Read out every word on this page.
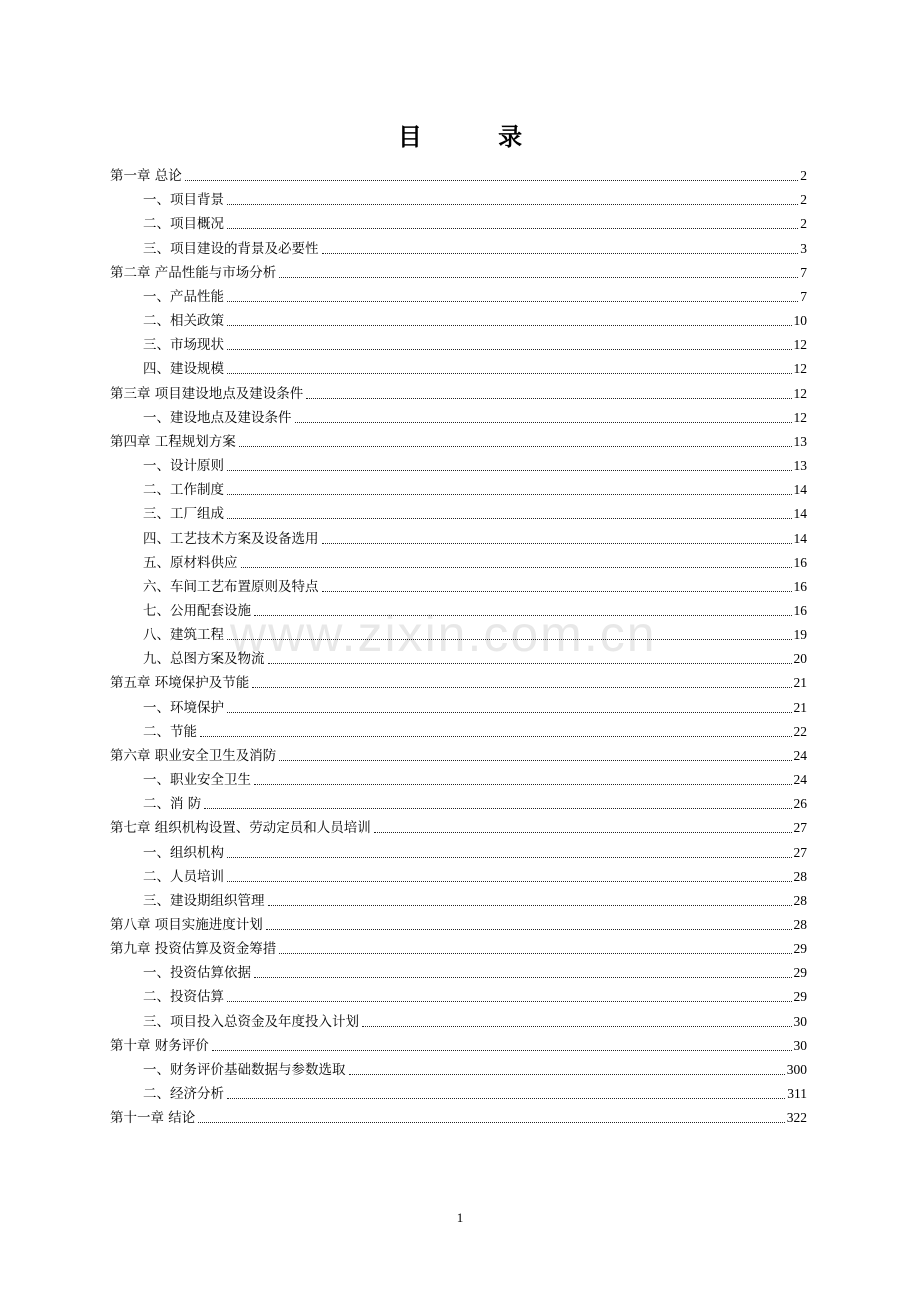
目 录
第一章 总论	2
一、项目背景	2
二、项目概况	2
三、项目建设的背景及必要性	3
第二章 产品性能与市场分析	7
一、产品性能	7
二、相关政策	10
三、市场现状	12
四、建设规模	12
第三章 项目建设地点及建设条件	12
一、建设地点及建设条件	12
第四章 工程规划方案	13
一、设计原则	13
二、工作制度	14
三、工厂组成	14
四、工艺技术方案及设备选用	14
五、原材料供应	16
六、车间工艺布置原则及特点	16
七、公用配套设施	16
八、建筑工程	19
九、总图方案及物流	20
第五章 环境保护及节能	21
一、环境保护	21
二、节能	22
第六章 职业安全卫生及消防	24
一、职业安全卫生	24
二、消 防	26
第七章 组织机构设置、劳动定员和人员培训	27
一、组织机构	27
二、人员培训	28
三、建设期组织管理	28
第八章 项目实施进度计划	28
第九章 投资估算及资金筹措	29
一、投资估算依据	29
二、投资估算	29
三、项目投入总资金及年度投入计划	30
第十章 财务评价	30
一、财务评价基础数据与参数选取	300
二、经济分析	311
第十一章 结论	322
www.zixin.com.cn
1
